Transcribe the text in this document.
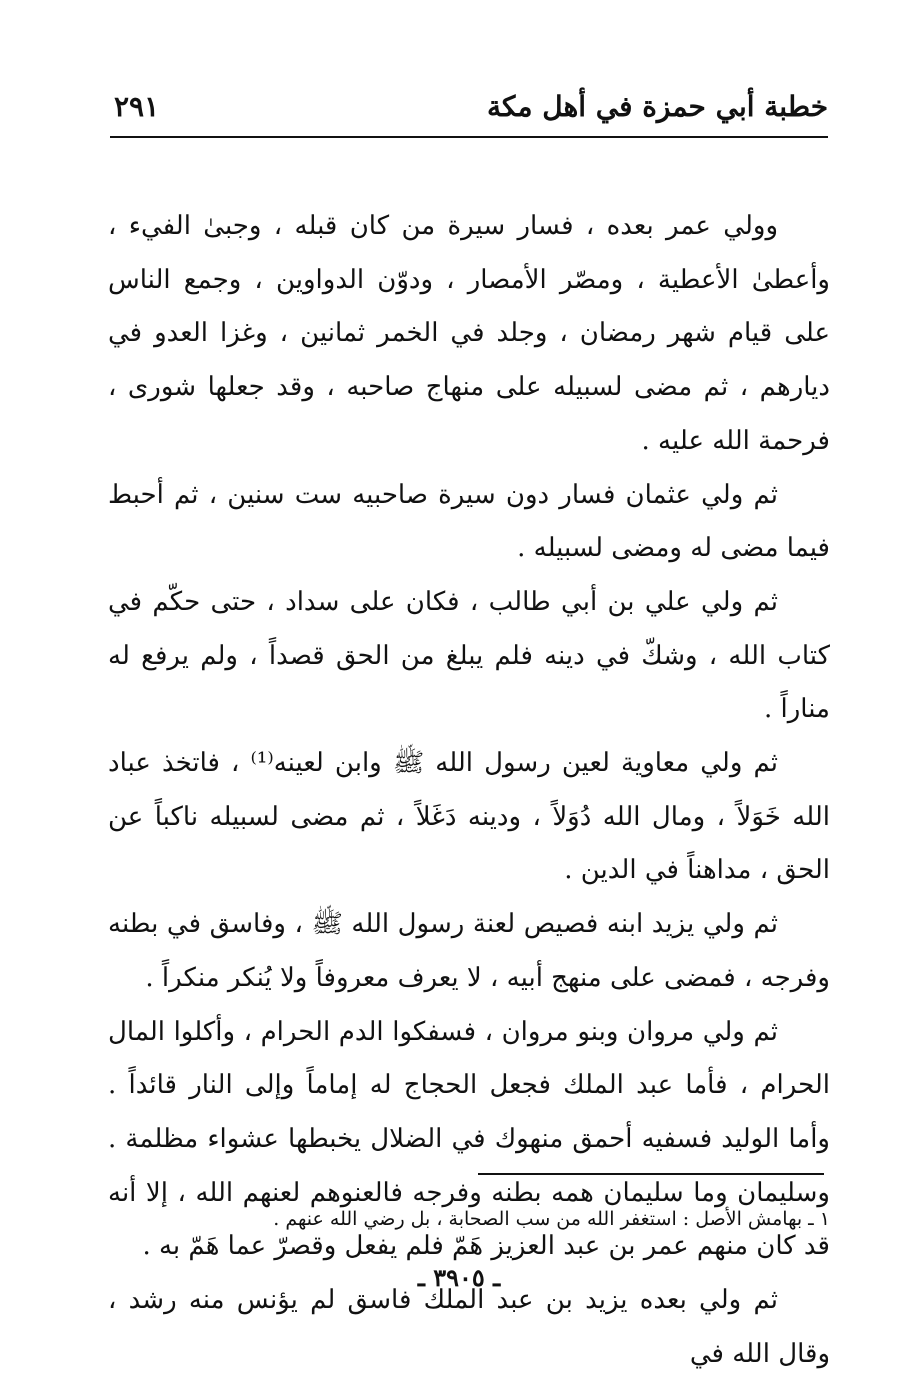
خطبة أبي حمزة في أهل مكة
٢٩١

وولي عمر بعده ، فسار سيرة من كان قبله ، وجبىٰ الفيء ، وأعطىٰ الأعطية ، ومصّر الأمصار ، ودوّن الدواوين ، وجمع الناس على قيام شهر رمضان ، وجلد في الخمر ثمانين ، وغزا العدو في ديارهم ، ثم مضى لسبيله على منهاج صاحبه ، وقد جعلها شورى ، فرحمة الله عليه .

ثم ولي عثمان فسار دون سيرة صاحبيه ست سنين ، ثم أحبط فيما مضى له ومضى لسبيله .

ثم ولي علي بن أبي طالب ، فكان على سداد ، حتى حكّم في كتاب الله ، وشكّ في دينه فلم يبلغ من الحق قصداً ، ولم يرفع له مناراً .

ثم ولي معاوية لعين رسول الله ﷺ وابن لعينه⁽¹⁾ ، فاتخذ عباد الله خَوَلاً ، ومال الله دُوَلاً ، ودينه دَغَلاً ، ثم مضى لسبيله ناكباً عن الحق ، مداهناً في الدين .

ثم ولي يزيد ابنه فصيص لعنة رسول الله ﷺ ، وفاسق في بطنه وفرجه ، فمضى على منهج أبيه ، لا يعرف معروفاً ولا يُنكر منكراً .

ثم ولي مروان وبنو مروان ، فسفكوا الدم الحرام ، وأكلوا المال الحرام ، فأما عبد الملك فجعل الحجاج له إماماً وإلى النار قائداً . وأما الوليد فسفيه أحمق منهوك في الضلال يخبطها عشواء مظلمة . وسليمان وما سليمان همه بطنه وفرجه فالعنوهم لعنهم الله ، إلا أنه قد كان منهم عمر بن عبد العزيز هَمّ فلم يفعل وقصرّ عما هَمّ به .

ثم ولي بعده يزيد بن عبد الملك فاسق لم يؤنس منه رشد ، وقال الله في

١ ـ بهامش الأصل : استغفر الله من سب الصحابة ، بل رضي الله عنهم .
ـ ٣٩٠٥ ـ
